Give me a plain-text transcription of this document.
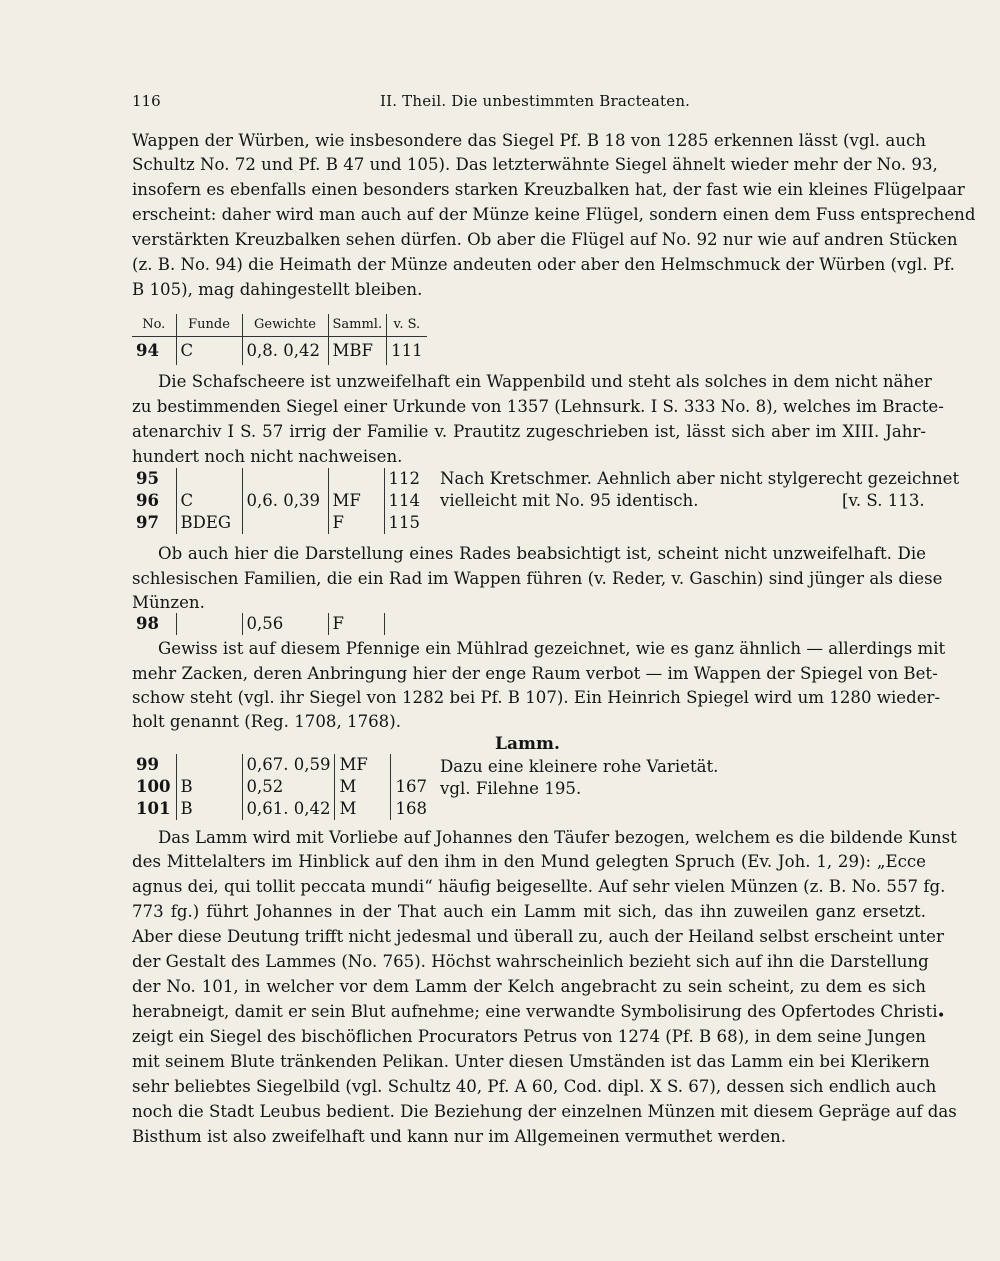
116	II. Theil. Die unbestimmten Bracteaten.
Wappen der Würben, wie insbesondere das Siegel Pf. B 18 von 1285 erkennen lässt (vgl. auch
Schultz No. 72 und Pf. B 47 und 105). Das letzterwähnte Siegel ähnelt wieder mehr der No. 93,
insofern es ebenfalls einen besonders starken Kreuzbalken hat, der fast wie ein kleines Flügelpaar
erscheint: daher wird man auch auf der Münze keine Flügel, sondern einen dem Fuss entsprechend
verstärkten Kreuzbalken sehen dürfen. Ob aber die Flügel auf No. 92 nur wie auf andren Stücken
(z. B. No. 94) die Heimath der Münze andeuten oder aber den Helmschmuck der Würben (vgl. Pf.
B 105), mag dahingestellt bleiben.
No.	Funde	Gewichte	Samml.	v. S.
94	C	0,8. 0,42	MBF	111
Die Schafscheere ist unzweifelhaft ein Wappenbild und steht als solches in dem nicht näher
zu bestimmenden Siegel einer Urkunde von 1357 (Lehnsurk. I S. 333 No. 8), welches im Bracte-
atenarchiv I S. 57 irrig der Familie v. Prautitz zugeschrieben ist, lässt sich aber im XIII. Jahr-
hundert noch nicht nachweisen.
95				112
96	C	0,6. 0,39	MF	114
97	BDEG		F	115
Nach Kretschmer. Aehnlich aber nicht stylgerecht gezeichnet
vielleicht mit No. 95 identisch.	[v. S. 113.
Ob auch hier die Darstellung eines Rades beabsichtigt ist, scheint nicht unzweifelhaft. Die
schlesischen Familien, die ein Rad im Wappen führen (v. Reder, v. Gaschin) sind jünger als diese
Münzen.
98		0,56	F	
Gewiss ist auf diesem Pfennige ein Mühlrad gezeichnet, wie es ganz ähnlich — allerdings mit
mehr Zacken, deren Anbringung hier der enge Raum verbot — im Wappen der Spiegel von Bet-
schow steht (vgl. ihr Siegel von 1282 bei Pf. B 107). Ein Heinrich Spiegel wird um 1280 wieder-
holt genannt (Reg. 1708, 1768).
Lamm.
99		0,67. 0,59	MF	
100	B	0,52	M	167
101	B	0,61. 0,42	M	168
Dazu eine kleinere rohe Varietät.
vgl. Filehne 195.
Das Lamm wird mit Vorliebe auf Johannes den Täufer bezogen, welchem es die bildende Kunst
des Mittelalters im Hinblick auf den ihm in den Mund gelegten Spruch (Ev. Joh. 1, 29): „Ecce
agnus dei, qui tollit peccata mundi“ häufig beigesellte. Auf sehr vielen Münzen (z. B. No. 557 fg.
773 fg.) führt Johannes in der That auch ein Lamm mit sich, das ihn zuweilen ganz ersetzt.
Aber diese Deutung trifft nicht jedesmal und überall zu, auch der Heiland selbst erscheint unter
der Gestalt des Lammes (No. 765). Höchst wahrscheinlich bezieht sich auf ihn die Darstellung
der No. 101, in welcher vor dem Lamm der Kelch angebracht zu sein scheint, zu dem es sich
herabneigt, damit er sein Blut aufnehme; eine verwandte Symbolisirung des Opfertodes Christi
zeigt ein Siegel des bischöflichen Procurators Petrus von 1274 (Pf. B 68), in dem seine Jungen
mit seinem Blute tränkenden Pelikan. Unter diesen Umständen ist das Lamm ein bei Klerikern
sehr beliebtes Siegelbild (vgl. Schultz 40, Pf. A 60, Cod. dipl. X S. 67), dessen sich endlich auch
noch die Stadt Leubus bedient. Die Beziehung der einzelnen Münzen mit diesem Gepräge auf das
Bisthum ist also zweifelhaft und kann nur im Allgemeinen vermuthet werden.
•
